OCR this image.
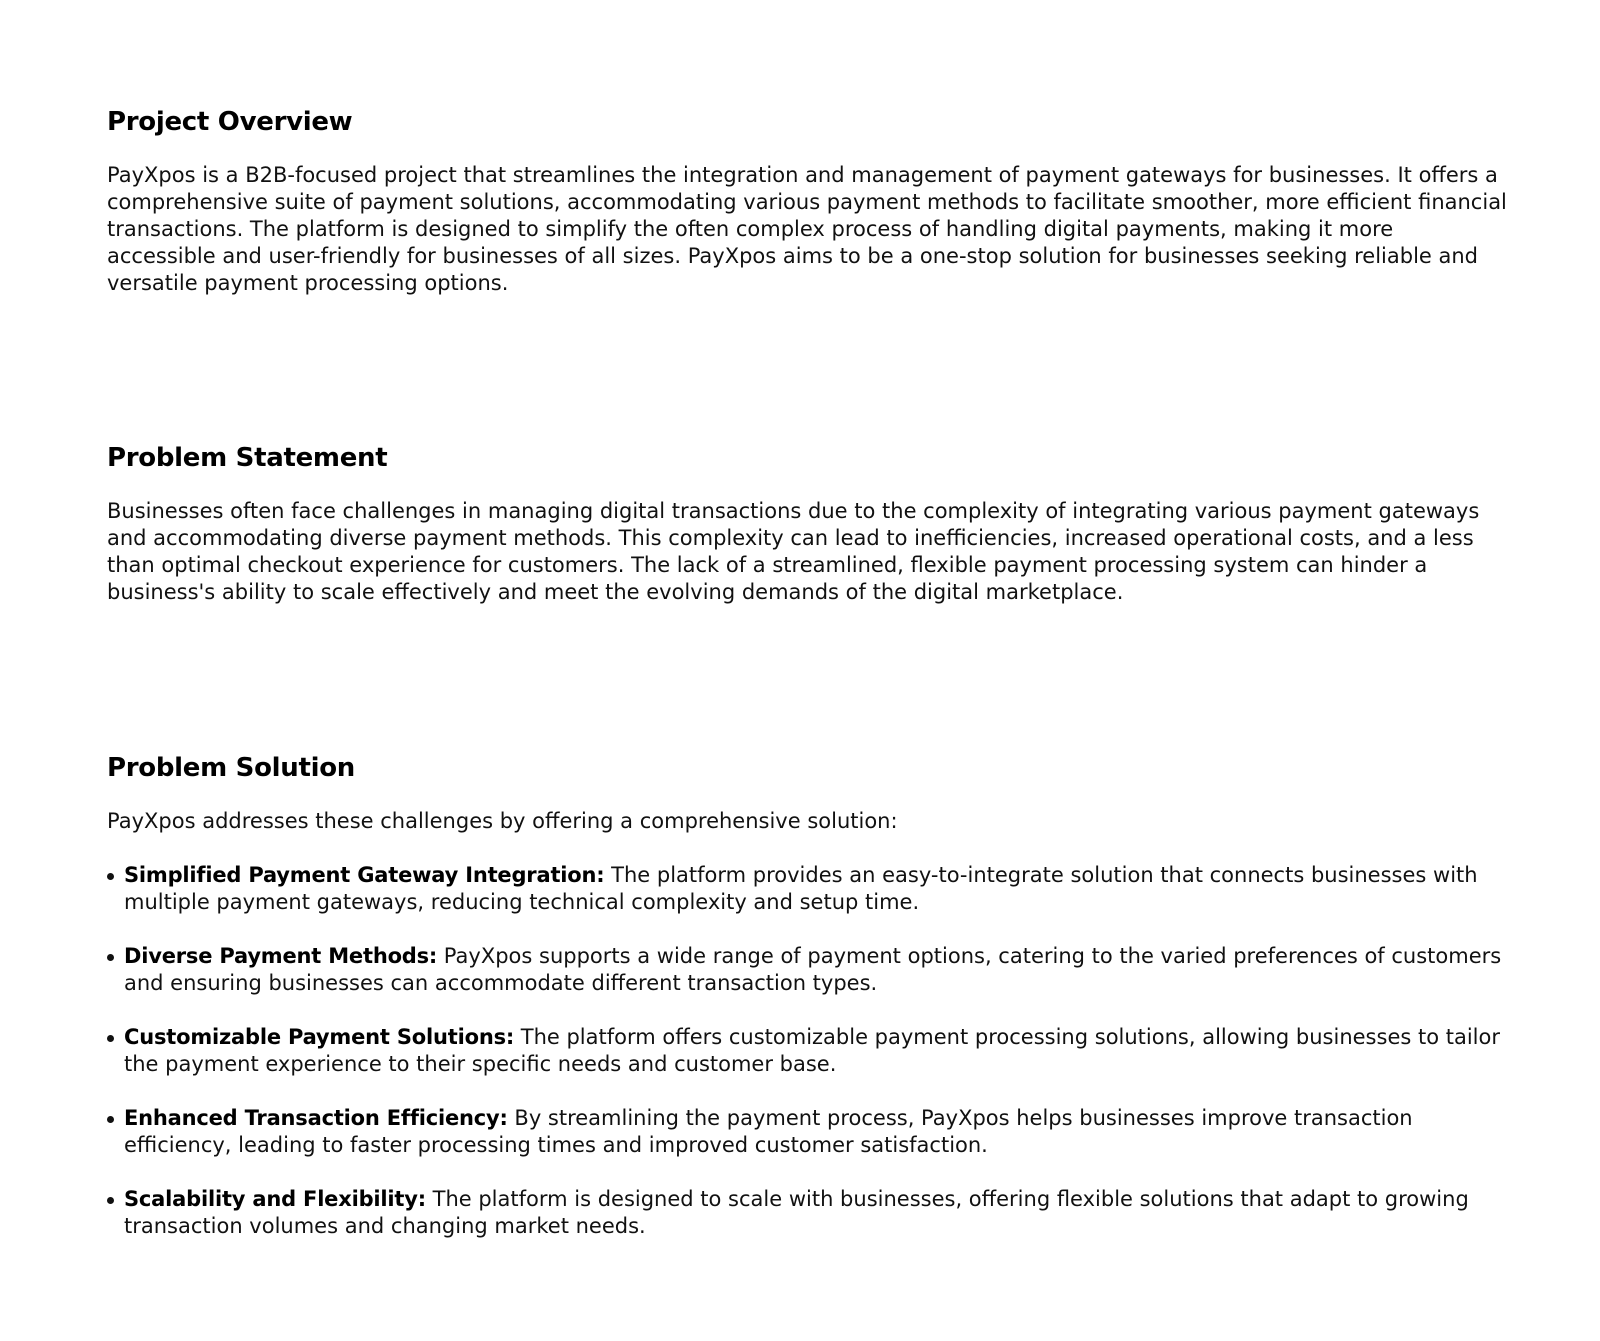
Project Overview

PayXpos is a B2B-focused project that streamlines the integration and management of payment gateways for businesses. It offers a comprehensive suite of payment solutions, accommodating various payment methods to facilitate smoother, more efficient financial transactions. The platform is designed to simplify the often complex process of handling digital payments, making it more accessible and user-friendly for businesses of all sizes. PayXpos aims to be a one-stop solution for businesses seeking reliable and versatile payment processing options.

Problem Statement

Businesses often face challenges in managing digital transactions due to the complexity of integrating various payment gateways and accommodating diverse payment methods. This complexity can lead to inefficiencies, increased operational costs, and a less than optimal checkout experience for customers. The lack of a streamlined, flexible payment processing system can hinder a business's ability to scale effectively and meet the evolving demands of the digital marketplace.

Problem Solution

PayXpos addresses these challenges by offering a comprehensive solution:

Simplified Payment Gateway Integration: The platform provides an easy-to-integrate solution that connects businesses with multiple payment gateways, reducing technical complexity and setup time.
Diverse Payment Methods: PayXpos supports a wide range of payment options, catering to the varied preferences of customers and ensuring businesses can accommodate different transaction types.
Customizable Payment Solutions: The platform offers customizable payment processing solutions, allowing businesses to tailor the payment experience to their specific needs and customer base.
Enhanced Transaction Efficiency: By streamlining the payment process, PayXpos helps businesses improve transaction efficiency, leading to faster processing times and improved customer satisfaction.
Scalability and Flexibility: The platform is designed to scale with businesses, offering flexible solutions that adapt to growing transaction volumes and changing market needs.
